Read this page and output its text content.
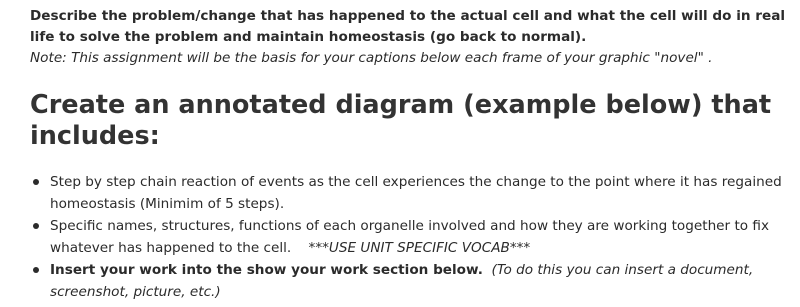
Describe the problem/change that has happened to the actual cell and what the cell will do in real life to solve the problem and maintain homeostasis (go back to normal).
Note: This assignment will be the basis for your captions below each frame of your graphic "novel" .
Create an annotated diagram (example below) that includes:
Step by step chain reaction of events as the cell experiences the change to the point where it has regained homeostasis (Minimim of 5 steps).
Specific names, structures, functions of each organelle involved and how they are working together to fix whatever has happened to the cell. ***USE UNIT SPECIFIC VOCAB***
Insert your work into the show your work section below. (To do this you can insert a document, screenshot, picture, etc.)
